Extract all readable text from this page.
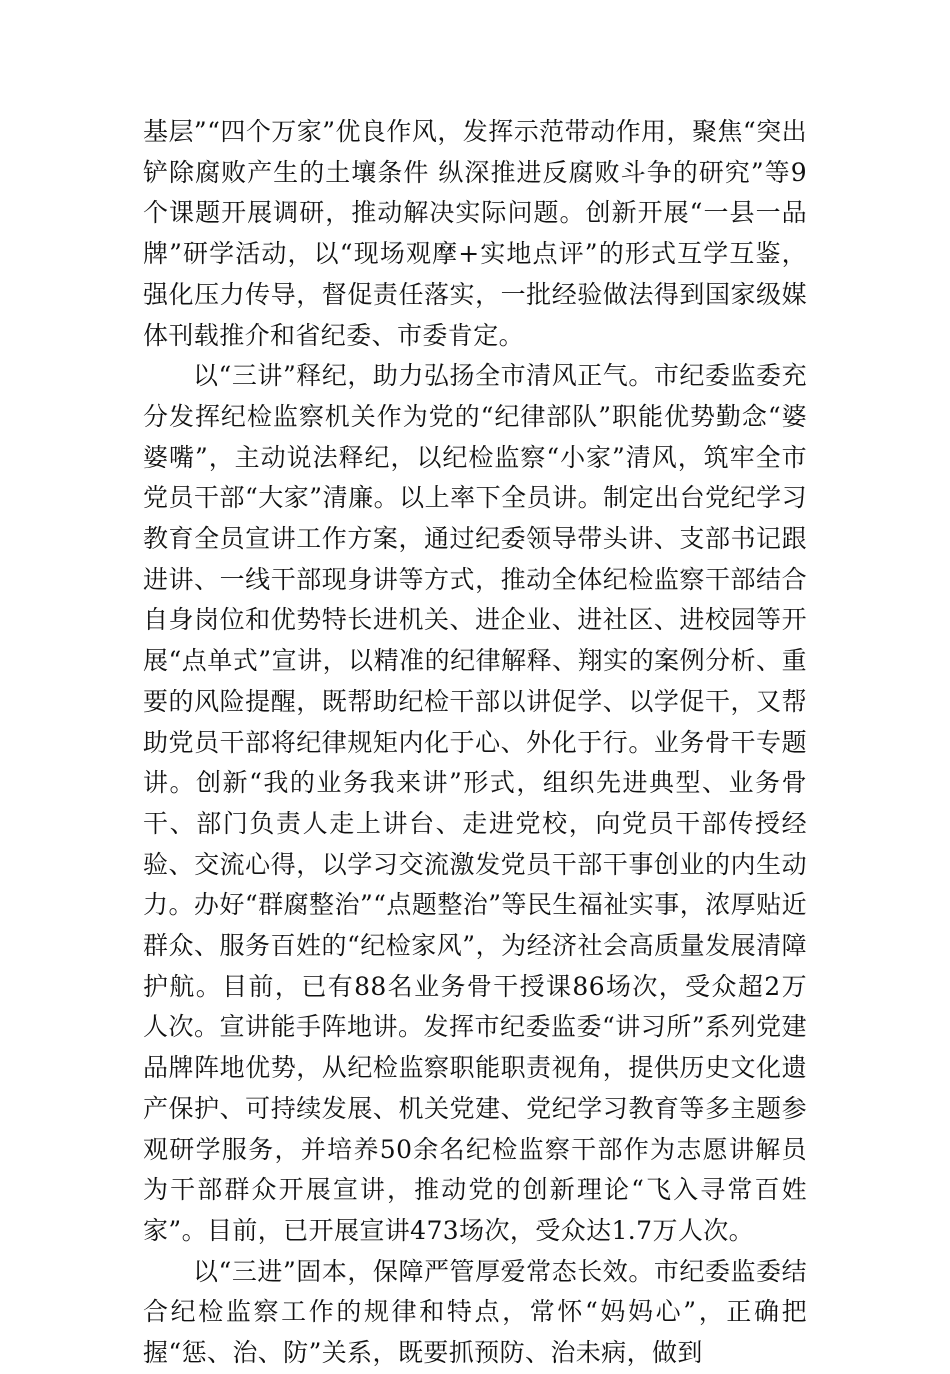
基层”“四个万家”优良作风，发挥示范带动作用，聚焦“突出铲除腐败产生的土壤条件 纵深推进反腐败斗争的研究”等9个课题开展调研，推动解决实际问题。创新开展“一县一品牌”研学活动，以“现场观摩+实地点评”的形式互学互鉴，强化压力传导，督促责任落实，一批经验做法得到国家级媒体刊载推介和省纪委、市委肯定。

以“三讲”释纪，助力弘扬全市清风正气。市纪委监委充分发挥纪检监察机关作为党的“纪律部队”职能优势勤念“婆婆嘴”，主动说法释纪，以纪检监察“小家”清风，筑牢全市党员干部“大家”清廉。以上率下全员讲。制定出台党纪学习教育全员宣讲工作方案，通过纪委领导带头讲、支部书记跟进讲、一线干部现身讲等方式，推动全体纪检监察干部结合自身岗位和优势特长进机关、进企业、进社区、进校园等开展“点单式”宣讲，以精准的纪律解释、翔实的案例分析、重要的风险提醒，既帮助纪检干部以讲促学、以学促干，又帮助党员干部将纪律规矩内化于心、外化于行。业务骨干专题讲。创新“我的业务我来讲”形式，组织先进典型、业务骨干、部门负责人走上讲台、走进党校，向党员干部传授经验、交流心得，以学习交流激发党员干部干事创业的内生动力。办好“群腐整治”“点题整治”等民生福祉实事，浓厚贴近群众、服务百姓的“纪检家风”，为经济社会高质量发展清障护航。目前，已有88名业务骨干授课86场次，受众超2万人次。宣讲能手阵地讲。发挥市纪委监委“讲习所”系列党建品牌阵地优势，从纪检监察职能职责视角，提供历史文化遗产保护、可持续发展、机关党建、党纪学习教育等多主题参观研学服务，并培养50余名纪检监察干部作为志愿讲解员为干部群众开展宣讲，推动党的创新理论“飞入寻常百姓家”。目前，已开展宣讲473场次，受众达1.7万人次。

以“三进”固本，保障严管厚爱常态长效。市纪委监委结合纪检监察工作的规律和特点，常怀“妈妈心”，正确把握“惩、治、防”关系，既要抓预防、治未病，做到
